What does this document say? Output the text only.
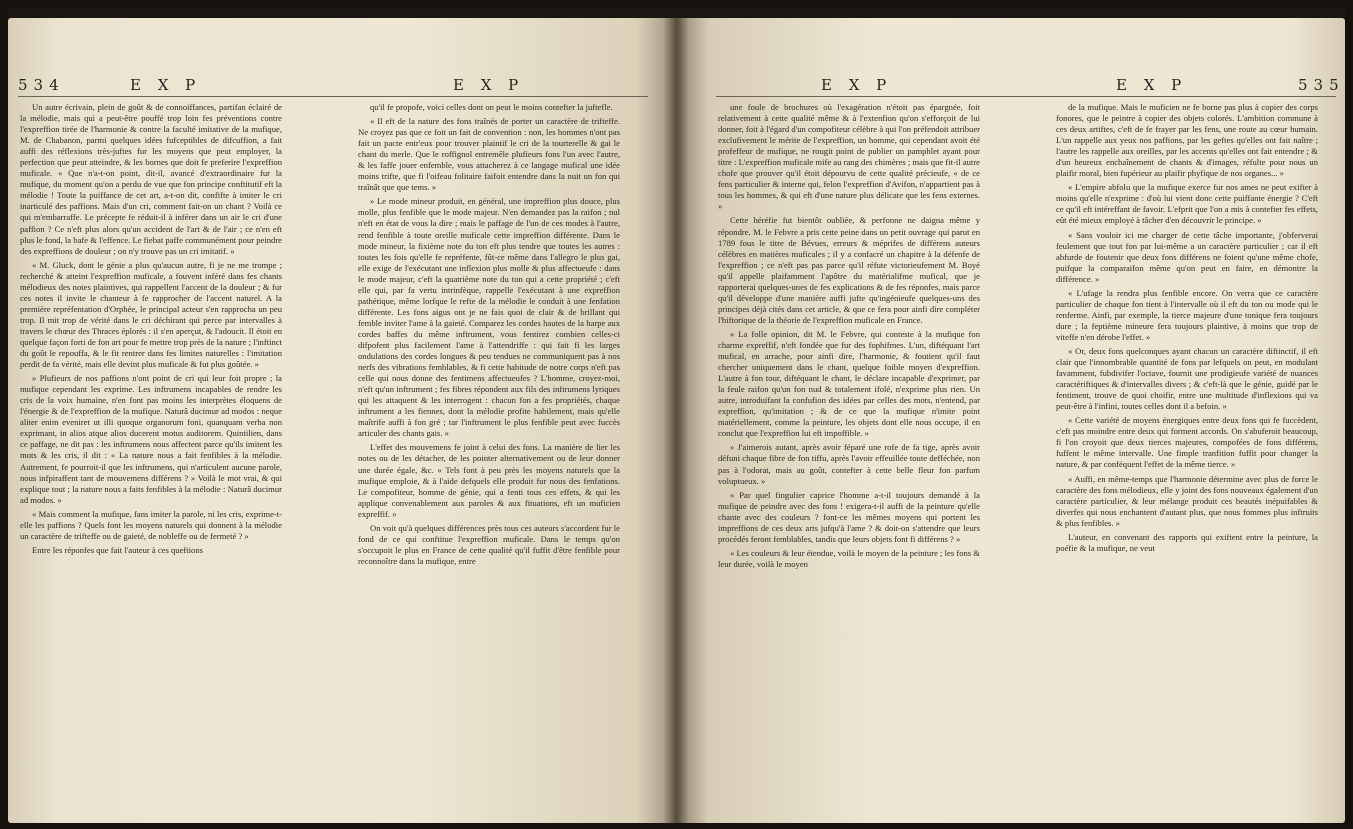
534	E X P	E X P

Un autre écrivain, plein de goût & de connoiffances, partifan éclairé de la mélodie, mais qui a peut-être pouffé trop loin fes préventions contre l'expreffion tirée de l'harmonie & contre la faculté imitative de la mufique, M. de Chabanon, parmi quelques idées fufceptibles de difcuffion, a fait auffi des réflexions très-juftes fur les moyens que peut employer, la perfection que peut atteindre, & les bornes que doit fe preferire l'expreffion muficale. « Que n'a-t-on point, dit-il, avancé d'extraordinaire fur la mufique, du moment qu'on a perdu de vue que fon principe conftitutif eft la mélodie ! Toute la puiffance de cet art, a-t-on dit, confifte à imiter le cri inarticulé des paffions. Mais d'un cri, comment fait-on un chant ? Voilà ce qui m'embarraffe. Le précepte fe réduit-il à inférer dans un air le cri d'une paffion ? Ce n'eft plus alors qu'un accident de l'art & de l'air ; ce n'en eft plus le fond, la bafe & l'effence. Le fiebat paffe communément pour peindre des expreffions de douleur ; on n'y trouve pas un cri imitatif. »

« M. Gluck, dont le génie a plus qu'aucun autre, fi je ne me trompe ; recherché & atteint l'expreffion muficale, a fouvent inféré dans fes chants mélodieux des notes plaintives, qui rappellent l'accent de la douleur ; & fur ces notes il invite le chanteur à fe rapprocher de l'accent naturel. A la première repréfentation d'Orphée, le principal acteur s'en rapprocha un peu trop. Il mit trop de vérité dans le cri déchirant qui perce par intervalles à travers le chœur des Thraces éplorés : il s'en aperçut, & l'adoucit. Il étoit en quelque façon forti de fon art pour fe mettre trop près de la nature ; l'inftinct du goût le repouffa, & le fit rentrer dans fes limites naturelles : l'imitation perdit de fa vérité, mais elle devint plus muficale & fut plus goûtée. »

» Plufieurs de nos paffions n'ont point de cri qui leur foit propre ; la mufique cependant les exprime. Les inftrumens incapables de rendre les cris de la voix humaine, n'en font pas moins les interprètes éloquens de l'énergie & de l'expreffion de la mufique. Naturâ ducimur ad modos : neque aliter enim eveniret ut illi quoque organorum foni, quanquam verba non exprimant, in alios atque alios ducerent motus auditorem. Quintilien, dans ce paffage, ne dit pas : les inftrumens nous affectent parce qu'ils imitent les mots & les cris, il dit : « La nature nous a fait fenfibles à la mélodie. Autrement, fe pourroit-il que les inftrumens, qui n'articulent aucune parole, nous infpiraffent tant de mouvemens différens ? » Voilà le mot vrai, & qui explique tout ; la nature nous a faits fenfibles à la mélodie : Naturâ ducimur ad modos. »

« Mais comment la mufique, fans imiter la parole, ni les cris, exprime-t-elle les paffions ? Quels font les moyens naturels qui donnent à la mélodie un caractère de trifteffe ou de gaieté, de nobleffe ou de fermeté ? »

Entre les réponfes que fait l'auteur à ces queftions

qu'il fe propofe, voici celles dont on peut le moins contefter la juftefle.

« Il eft de la nature des fons traînés de porter un caractère de trifteffe. Ne croyez pas que ce foit un fait de convention : non, les hommes n'ont pas fait un pacte entr'eux pour trouver plaintif le cri de la tourterelle & gai le chant du merle. Que le roffignol entremêle plufieurs fons l'un avec l'autre, & les faffe jouer enfemble, vous attacherez à ce langage mufical une idée moins trifte, que fi l'oifeau folitaire faifoit entendre dans la nuit un fon qui traînât que que tems. »

» Le mode mineur produit, en général, une impreffion plus douce, plus molle, plus fenfible que le mode majeur. N'en demandez pas la raifon ; nul n'eft en état de vous la dire ; mais le paffage de l'un de ces modes à l'autre, rend fenfible à toute oreille muficale cette impreffion différente. Dans le mode mineur, la fixième note du ton eft plus tendre que toutes les autres : toutes les fois qu'elle fe repréfente, fût-ce même dans l'allegro le plus gai, elle exige de l'exécutant une inflexion plus molle & plus affectueufe : dans le mode majeur, c'eft la quatrième note du ton qui a cette propriété ; c'eft elle qui, par fa vertu intrinfèque, rappelle l'exécutant à une expreffion pathétique, même lorfque le refte de la mélodie le conduit à une fenfation différente. Les fons aigus ont je ne fais quoi de clair & de brillant qui femble inviter l'ame à la gaieté. Comparez les cordes hautes de la harpe aux cordes baffes du même inftrument, vous fentirez combien celles-ci difpofent plus facilement l'ame à l'attendriffe : qui fait fi les larges ondulations des cordes longues & peu tendues ne communiquent pas à nos nerfs des vibrations femblables, & fi cette habitude de notre corps n'eft pas celle qui nous donne des fentimens affectueufes ? L'homme, croyez-moi, n'eft qu'un inftrument ; fes fibres répondent aux fils des inftrumens lyriques qui les attaquent & les interrogent : chacun fon a fes propriétés, chaque inftrument a les fiennes, dont la mélodie profite habilement, mais qu'elle maîtrife auffi à fon gré ; tar l'inftrument le plus fenfible peut avec fuccès articuler des chants gais. »

L'effet des mouvemens fe joint à celui des fons. La manière de lier les notes ou de les détacher, de les pointer alternativement ou de leur donner une durée égale, &c. « Tels font à peu près les moyens naturels que la mufique emploie, & à l'aide defquels elle produit fur nous des fenfations. Le compofiteur, homme de génie, qui a fenti tous ces effets, & qui les applique convenablement aux paroles & aux fituations, eft un muficien expreffif. »

On voit qu'à quelques différences près tous ces auteurs s'accordent fur le fond de ce qui conftitue l'expreffion muficale. Dans le temps qu'on s'occupoit le plus en France de cette qualité qu'il fuffit d'être fenfible pour reconnoître dans la mufique, entre

E X P	E X P	535

une foule de brochures où l'exagération n'étoit pas épargnée, foit relativement à cette qualité même & à l'extenfion qu'on s'efforçoit de lui donner, foit à l'égard d'un compofiteur célèbre à qui l'on préfendoit attribuer exclufivement le mérite de l'expreffion, un homme, qui cependant avoit été profeffeur de mufique, ne rougit point de publier un pamphlet ayant pour titre : L'expreffion muficale mife au rang des chimères ; mais que fit-il autre chofe que prouver qu'il étoit dépourvu de cette qualité précieufe, « de ce fens particulier & interne qui, felon l'expreffion d'Avifon, n'appartient pas à tous les hommes, & qui eft d'une nature plus délicate que les fens externes. »

Cette héréfie fut bientôt oubliée, & perfonne ne daigna même y répondre. M. le Febvre a pris cette peine dans un petit ouvrage qui parut en 1789 fous le titre de Bévues, erreurs & méprifes de différens auteurs célèbres en matières muficales ; il y a confacré un chapitre à la défenfe de l'expreffion ; ce n'eft pas pas parce qu'il réfute victorieufement M. Boyé qu'il appelle plaifamment l'apôtre du matérialifme mufical, que je rapporterai quelques-unes de fes explications & de fes réponfes, mais parce qu'il développe d'une manière auffi jufte qu'ingénieufe quelques-uns des principes déjà cités dans cet article, & que ce fera pour ainfi dire compléter l'hiftorique de la théorie de l'expreffion muficale en France.

« La folle opinion, dit M. le Febvre, qui conteste à la mufique fon charme expreffif, n'eft fondée que fur des fophifmes. L'un, diftéquant l'art mufical, en arrache, pour ainfi dire, l'harmonie, & foutient qu'il faut chercher uniquement dans le chant, quelque foible moyen d'expreffion. L'autre à fon tour, diftéquant le chant, le déclare incapable d'exprimer, par la feule raifon qu'un fon nud & totalement ifolé, n'exprime plus rien. Un autre, introduifant la confufion des idées par celles des mots, n'entend, par expreffion, qu'imitation ; & de ce que la mufique n'imite point matériellement, comme la peinture, les objets dont elle nous occupe, il en conclut que l'expreffion lui eft impoffible. »

» J'aimerois autant, après avoir féparé une rofe de fa tige, après avoir défuni chaque fibre de fon tiffu, après l'avoir effeuillée toute defféchée, non pas à l'odorat, mais au goût, contefter à cette belle fleur fon parfum voluptueux. »

« Par quel fingulier caprice l'homme a-t-il toujours demandé à la mufique de peindre avec des fons ! exigera-t-il auffi de la peinture qu'elle chante avec des couleurs ? font-ce les mêmes moyens qui portent les impreffions de ces deux arts jufqu'à l'ame ? & doit-on s'attendre que leurs procédés feront femblables, tandis que leurs objets font fi différens ? »

« Les couleurs & leur étendue, voilà le moyen de la peinture ; les fons & leur durée, voilà le moyen

de la mufique. Mais le muficien ne fe borne pas plus à copier des corps fonores, que le peintre à copier des objets colorés. L'ambition commune à ces deux artiftes, c'eft de fe frayer par les fens, une route au cœur humain. L'un rappelle aux yeux nos paffions, par les geftes qu'elles ont fait naître ; l'autre les rappelle aux oreilles, par les accents qu'elles ont fait entendre ; & d'un heureux enchaînement de chants & d'images, réfulte pour nous un plaifir moral, bien fupérieur au plaifir phyfique de nos organes... »

« L'empire abfolu que la mufique exerce fur nos ames ne peut exifter à moins qu'elle n'exprime : d'où lui vient donc cette puiffante énergie ? C'eft ce qu'il eft intéreffant de favoir. L'efprit que l'on a mis à contefter fes effets, eût été mieux employé à tâcher d'en découvrir le principe. »

« Sans vouloir ici me charger de cette tâche importante, j'obferverai feulement que tout fon par lui-même a un caractère particulier ; car il eft abfurde de foutenir que deux fons différens ne foient qu'une même chofe, puifque la comparaifon même qu'on peut en faire, en démontre la différence. »

« L'ufage la rendra plus fenfible encore. On verra que ce caractère particulier de chaque fon tient à l'intervalle où il eft du ton ou mode qui le renferme. Ainfi, par exemple, la tierce majeure d'une tonique fera toujours dure ; la feptième mineure fera toujours plaintive, à moins que trop de viteffe n'en dérobe l'effet. »

« Or, deux fons quelconques ayant chacun un caractère diftinctif, il eft clair que l'innombrable quantité de fons par lefquels on peut, en modulant favamment, fubdivifer l'octave, fournit une prodigieufe variété de nuances caractériftiques & d'intervalles divers ; & c'eft-là que le génie, guidé par le fentiment, trouve de quoi choifir, entre une multitude d'inflexions qui va peut-être à l'infini, toutes celles dont il a befoin. »

« Cette variété de moyens énergiques entre deux fons qui fe fuccèdent, c'eft pas moindre entre deux qui forment accords. On s'abuferoit beaucoup, fi l'on croyoit que deux tierces majeures, compofées de fons différens, fuffent le même intervalle. Une fimple tranfition fuffit pour changer la nature, & par conféquent l'effet de la même tierce. »

« Auffi, en même-temps que l'harmonie détermine avec plus de force le caractère des fons mélodieux, elle y joint des fons nouveaux également d'un caractère particulier, & leur mélange produit ces beautés inépuifables & diverfes qui nous enchantent d'autant plus, que nous fommes plus inftruits & plus fenfibles. »

L'auteur, en convenant des rapports qui exiftent entre la peinture, la poéfie & la mufique, ne veut
